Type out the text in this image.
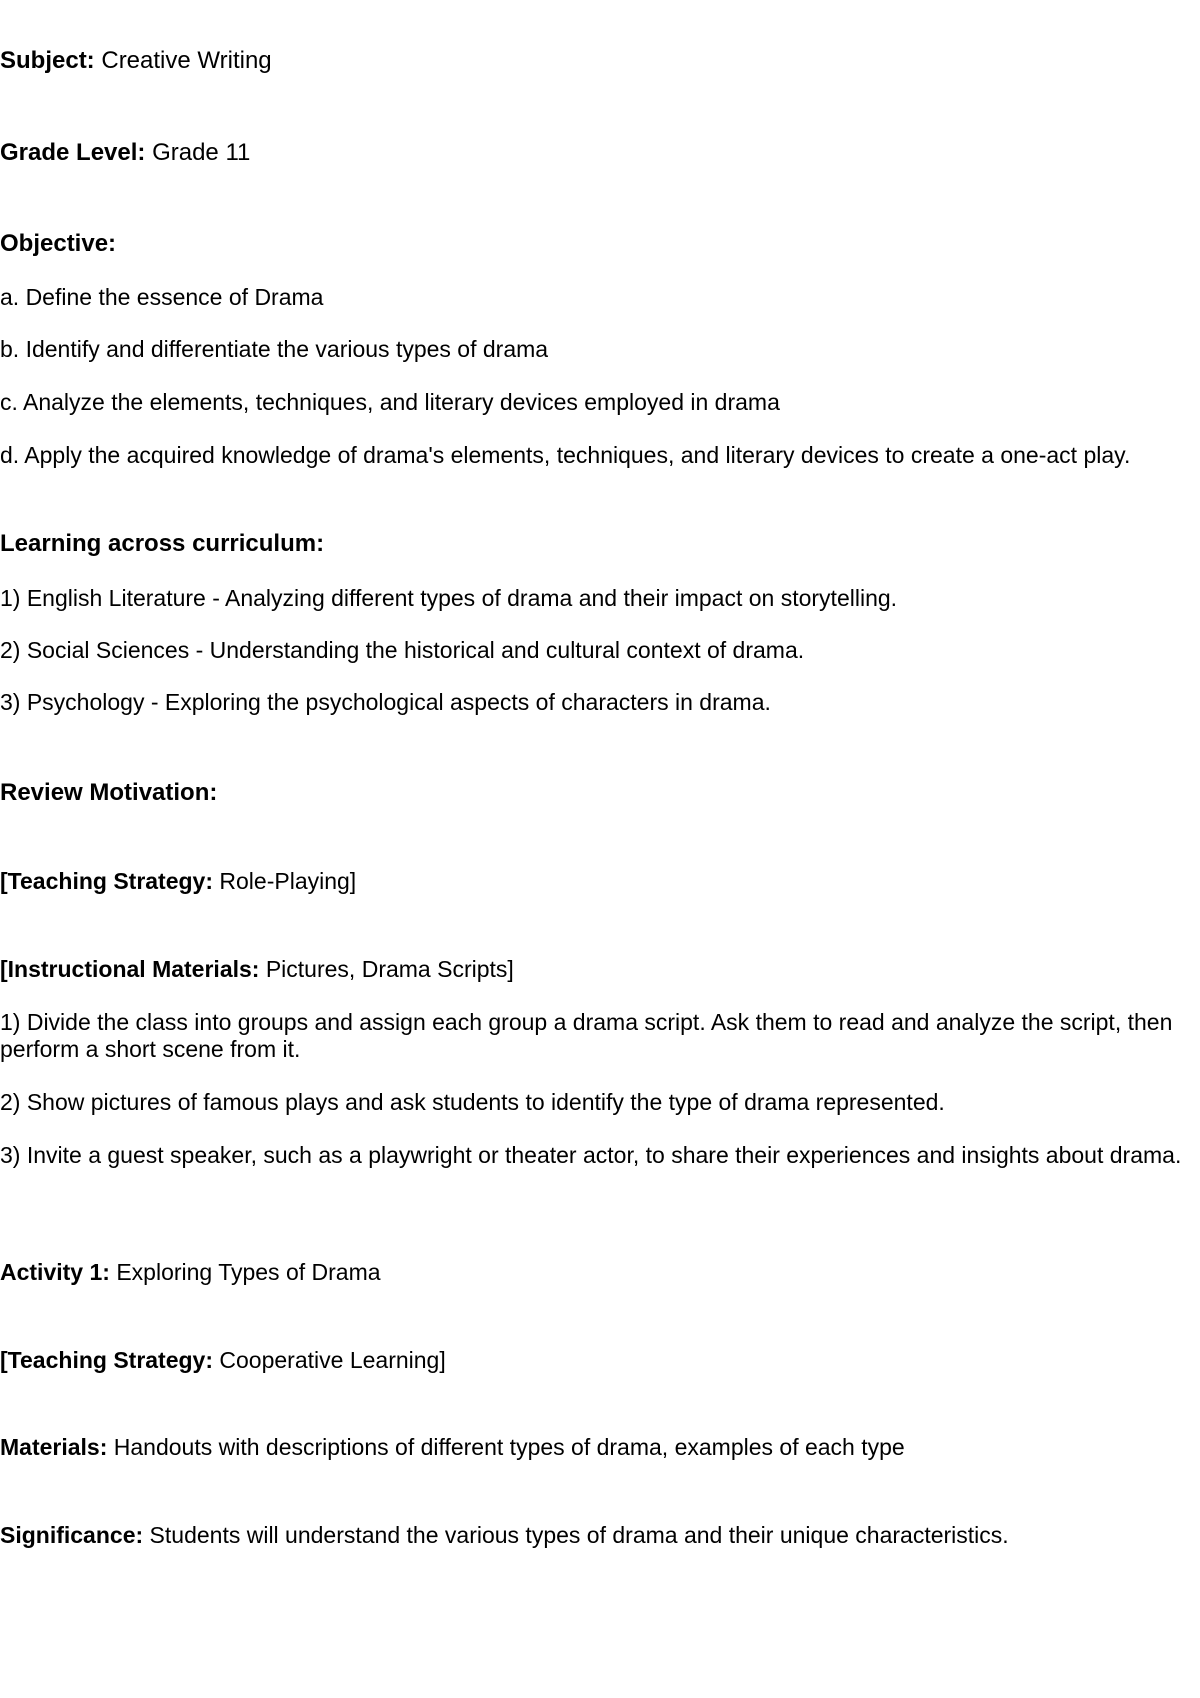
Subject: Creative Writing

Grade Level: Grade 11

Objective:

a. Define the essence of Drama

b. Identify and differentiate the various types of drama

c. Analyze the elements, techniques, and literary devices employed in drama

d. Apply the acquired knowledge of drama's elements, techniques, and literary devices to create a one-act play.

Learning across curriculum:

1) English Literature - Analyzing different types of drama and their impact on storytelling.

2) Social Sciences - Understanding the historical and cultural context of drama.

3) Psychology - Exploring the psychological aspects of characters in drama.

Review Motivation:

[Teaching Strategy: Role-Playing]

[Instructional Materials: Pictures, Drama Scripts]

1) Divide the class into groups and assign each group a drama script. Ask them to read and analyze the script, then perform a short scene from it.

2) Show pictures of famous plays and ask students to identify the type of drama represented.

3) Invite a guest speaker, such as a playwright or theater actor, to share their experiences and insights about drama.

Activity 1: Exploring Types of Drama

[Teaching Strategy: Cooperative Learning]

Materials: Handouts with descriptions of different types of drama, examples of each type

Significance: Students will understand the various types of drama and their unique characteristics.
